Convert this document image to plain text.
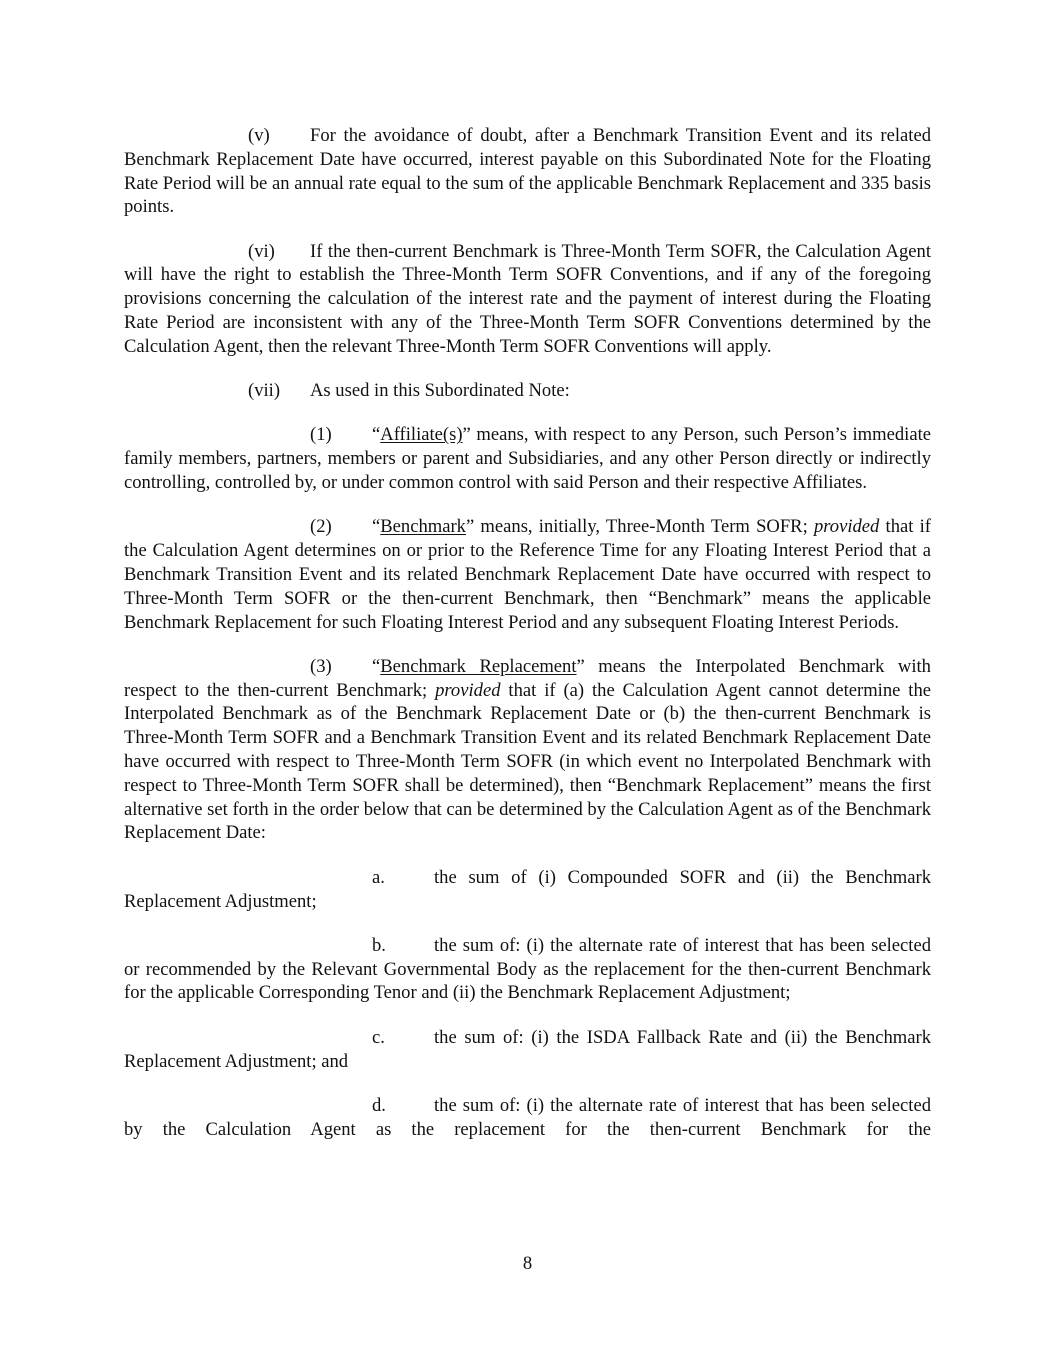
(v) For the avoidance of doubt, after a Benchmark Transition Event and its related Benchmark Replacement Date have occurred, interest payable on this Subordinated Note for the Floating Rate Period will be an annual rate equal to the sum of the applicable Benchmark Replacement and 335 basis points.

(vi) If the then-current Benchmark is Three-Month Term SOFR, the Calculation Agent will have the right to establish the Three-Month Term SOFR Conventions, and if any of the foregoing provisions concerning the calculation of the interest rate and the payment of interest during the Floating Rate Period are inconsistent with any of the Three-Month Term SOFR Conventions determined by the Calculation Agent, then the relevant Three-Month Term SOFR Conventions will apply.

(vii) As used in this Subordinated Note:

(1) “Affiliate(s)” means, with respect to any Person, such Person’s immediate family members, partners, members or parent and Subsidiaries, and any other Person directly or indirectly controlling, controlled by, or under common control with said Person and their respective Affiliates.

(2) “Benchmark” means, initially, Three-Month Term SOFR; provided that if the Calculation Agent determines on or prior to the Reference Time for any Floating Interest Period that a Benchmark Transition Event and its related Benchmark Replacement Date have occurred with respect to Three-Month Term SOFR or the then-current Benchmark, then “Benchmark” means the applicable Benchmark Replacement for such Floating Interest Period and any subsequent Floating Interest Periods.

(3) “Benchmark Replacement” means the Interpolated Benchmark with respect to the then-current Benchmark; provided that if (a) the Calculation Agent cannot determine the Interpolated Benchmark as of the Benchmark Replacement Date or (b) the then-current Benchmark is Three-Month Term SOFR and a Benchmark Transition Event and its related Benchmark Replacement Date have occurred with respect to Three-Month Term SOFR (in which event no Interpolated Benchmark with respect to Three-Month Term SOFR shall be determined), then “Benchmark Replacement” means the first alternative set forth in the order below that can be determined by the Calculation Agent as of the Benchmark Replacement Date:

a.	the sum of (i) Compounded SOFR and (ii) the Benchmark Replacement Adjustment;

b.	the sum of: (i) the alternate rate of interest that has been selected or recommended by the Relevant Governmental Body as the replacement for the then-current Benchmark for the applicable Corresponding Tenor and (ii) the Benchmark Replacement Adjustment;

c.	the sum of: (i) the ISDA Fallback Rate and (ii) the Benchmark Replacement Adjustment; and

d.	the sum of: (i) the alternate rate of interest that has been selected by the Calculation Agent as the replacement for the then-current Benchmark for the

8
